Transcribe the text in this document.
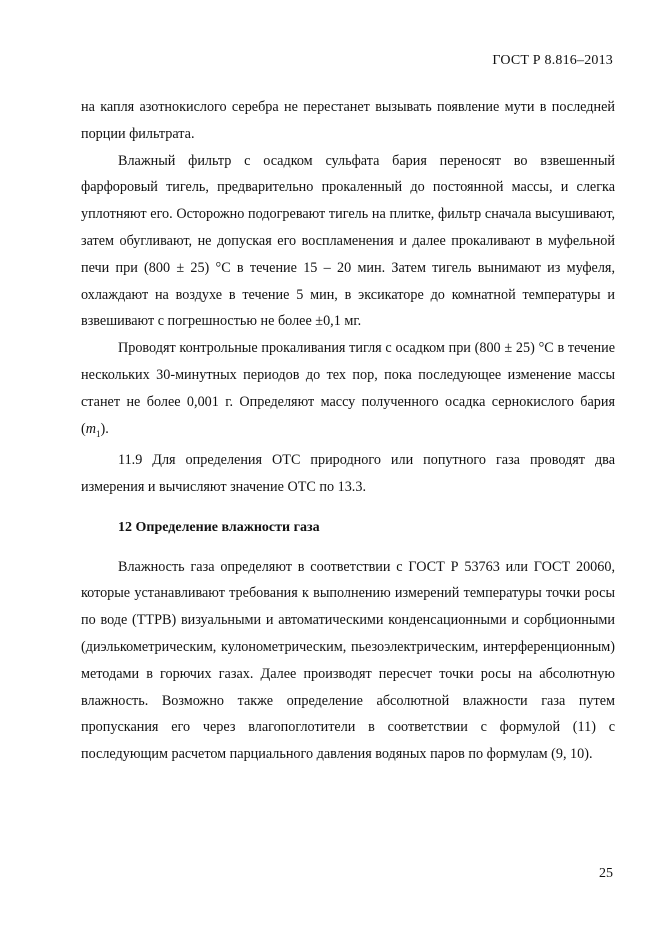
ГОСТ Р 8.816–2013

на капля азотнокислого серебра не перестанет вызывать появление мути в последней порции фильтрата.

Влажный фильтр с осадком сульфата бария переносят во взвешенный фарфоровый тигель, предварительно прокаленный до постоянной массы, и слегка уплотняют его. Осторожно подогревают тигель на плитке, фильтр сначала высушивают, затем обугливают, не допуская его воспламенения и далее прокаливают в муфельной печи при (800 ± 25) °С в течение 15 – 20 мин. Затем тигель вынимают из муфеля, охлаждают на воздухе в течение 5 мин, в эксикаторе до комнатной температуры и взвешивают с погрешностью не более ±0,1 мг.

Проводят контрольные прокаливания тигля с осадком при (800 ± 25) °С в течение нескольких 30-минутных периодов до тех пор, пока последующее изменение массы станет не более 0,001 г. Определяют массу полученного осадка сернокислого бария $(m_1)$.

11.9 Для определения ОТС природного или попутного газа проводят два измерения и вычисляют значение ОТС по 13.3.

12 Определение влажности газа

Влажность газа определяют в соответствии с ГОСТ Р 53763 или ГОСТ 20060, которые устанавливают требования к выполнению измерений температуры точки росы по воде (ТТРВ) визуальными и автоматическими конденсационными и сорбционными (диэлькометрическим, кулонометрическим, пьезоэлектрическим, интерференционным) методами в горючих газах. Далее производят пересчет точки росы на абсолютную влажность. Возможно также определение абсолютной влажности газа путем пропускания его через влагопоглотители в соответствии с формулой (11) с последующим расчетом парциального давления водяных паров по формулам (9, 10).

25
